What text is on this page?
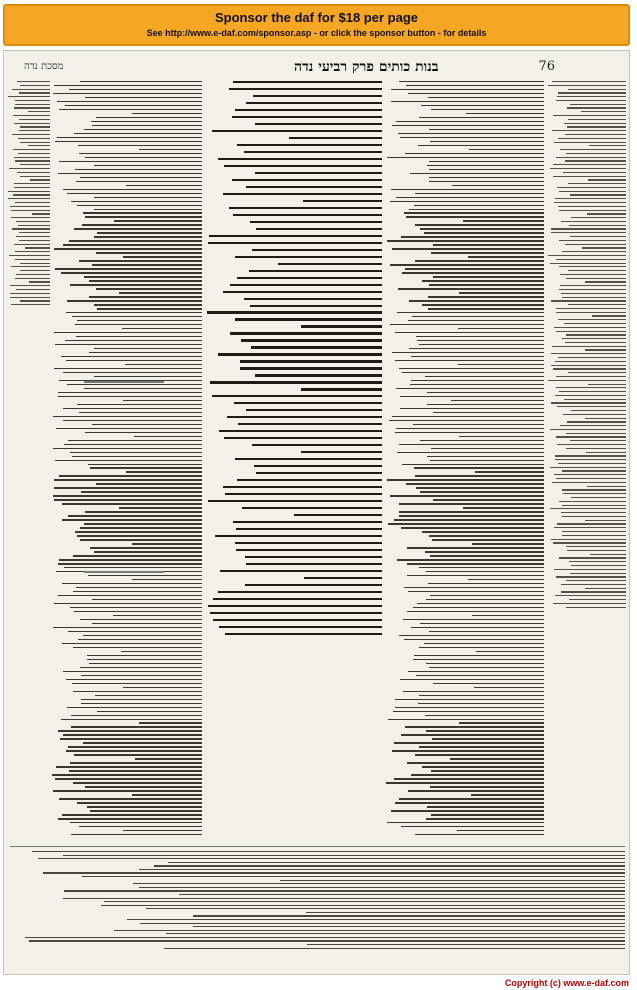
Sponsor the daf for $18 per page
See http://www.e-daf.com/sponsor.asp - or click the sponsor button - for details
76
בנות כותים פרק רביעי נדה
מסכת נדה
Copyright (c) www.e-daf.com
